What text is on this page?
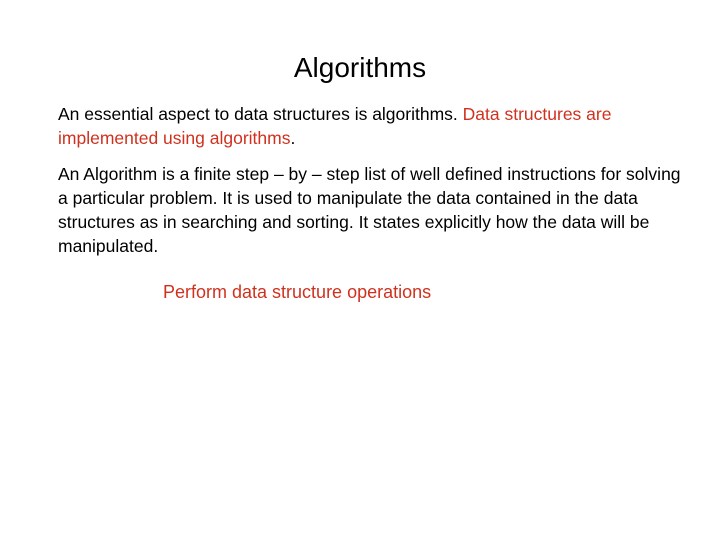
Algorithms

An essential aspect to data structures is algorithms. Data structures are implemented using algorithms.

An Algorithm is a finite step – by – step list of well defined instructions for solving a particular problem. It is used to manipulate the data contained in the data structures as in searching and sorting. It states explicitly how the data will be manipulated.

Perform data structure operations
